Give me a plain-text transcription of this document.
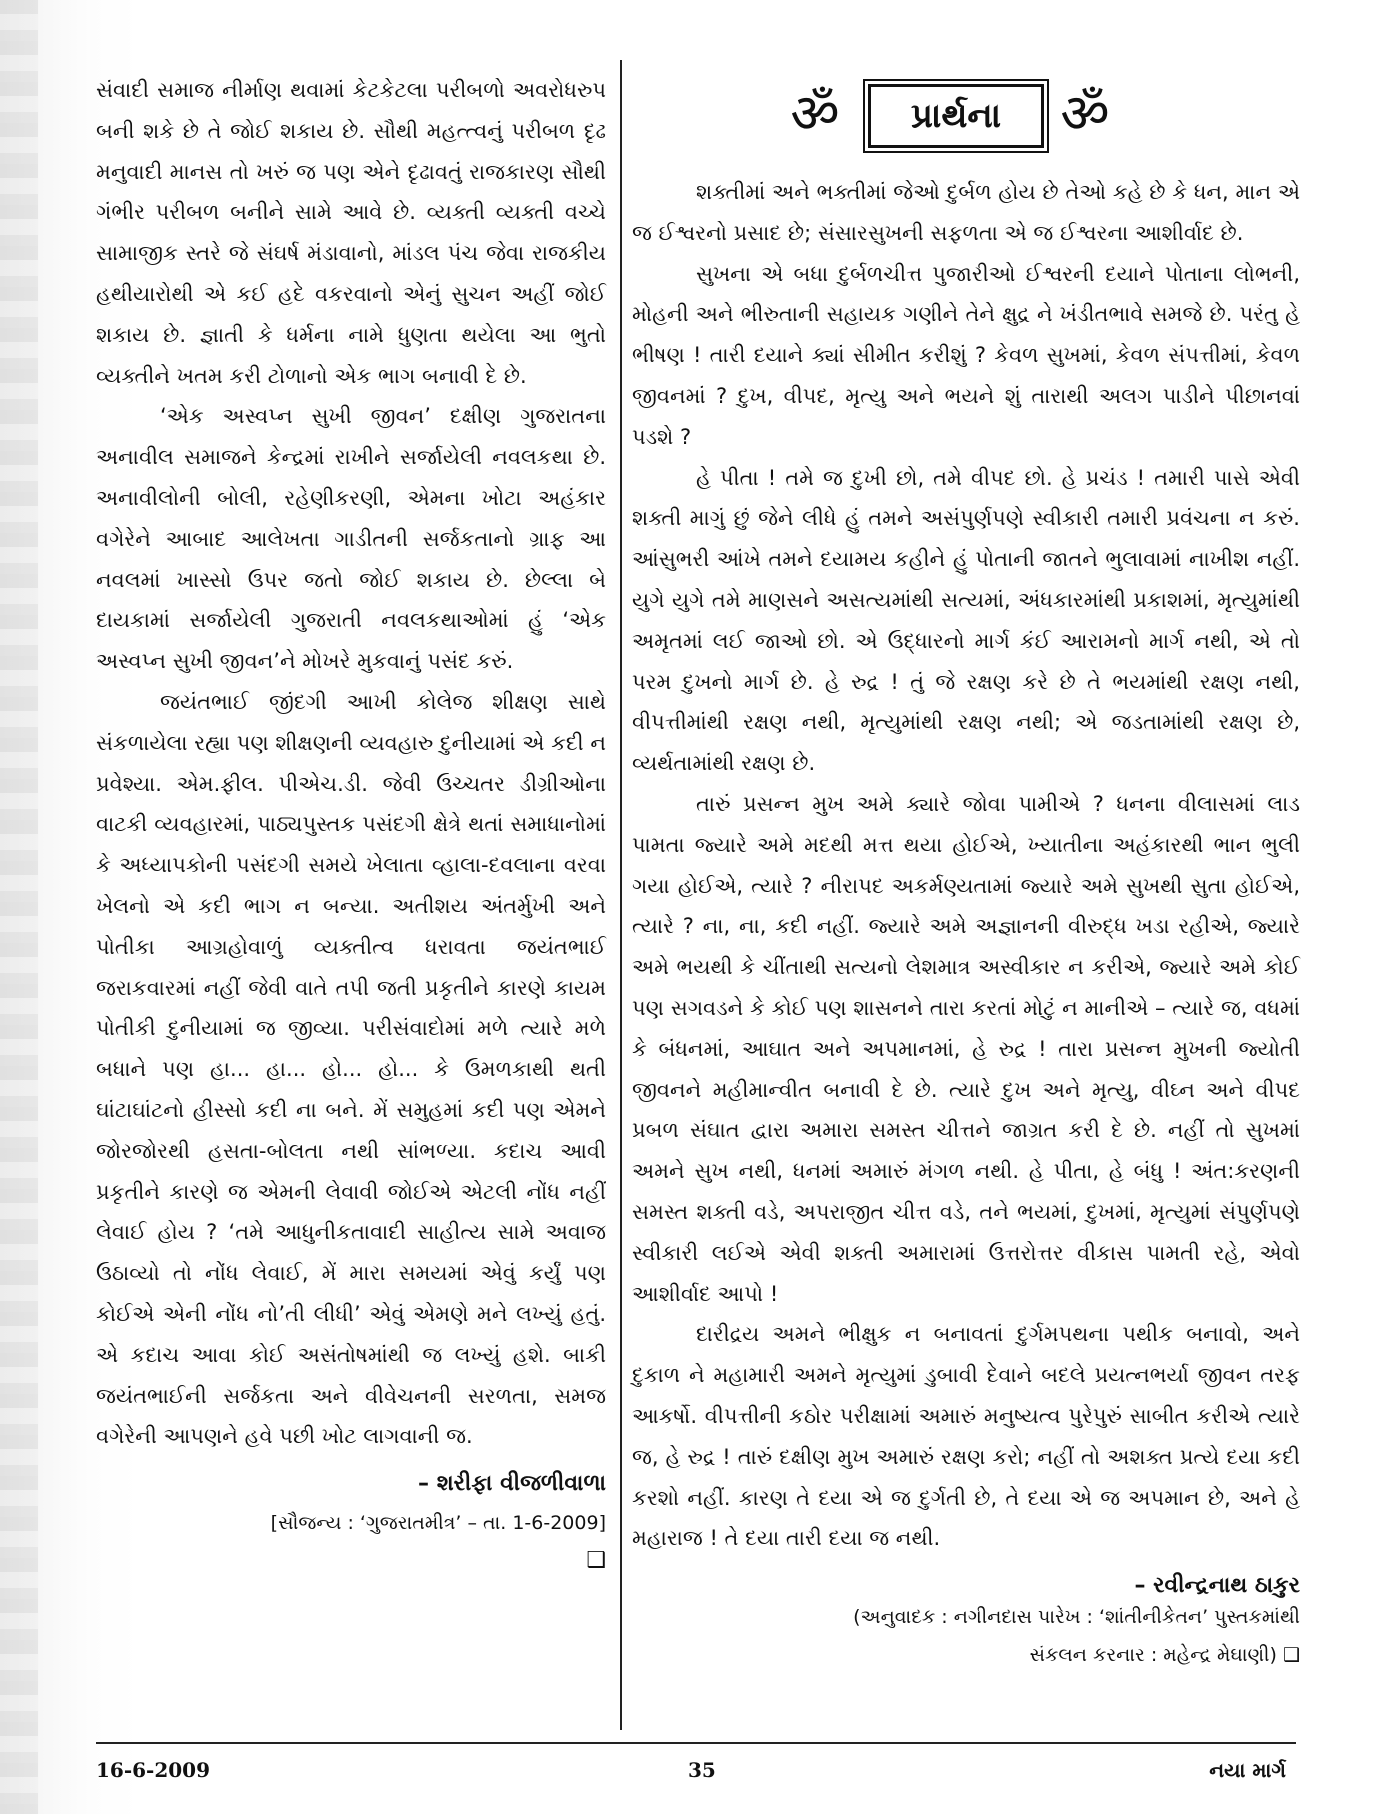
સંવાદી સમાજ નીર્માણ થવામાં કેટકેટલા પરીબળો અવરોધરુપ બની શકે છે તે જોઈ શકાય છે. સૌથી મહત્ત્વનું પરીબળ દૃઢ મનુવાદી માનસ તો ખરું જ પણ એને દૃઢાવતું રાજકારણ સૌથી ગંભીર પરીબળ બનીને સામે આવે છે. વ્યક્તી વ્યક્તી વચ્ચે સામાજીક સ્તરે જે સંઘર્ષ મંડાવાનો, માંડલ પંચ જેવા રાજકીય હથીયારોથી એ કઈ હદે વકરવાનો એનું સુચન અહીં જોઈ શકાય છે. જ્ઞાતી કે ધર્મના નામે ધુણતા થયેલા આ ભુતો વ્યક્તીને ખતમ કરી ટોળાનો એક ભાગ બનાવી દે છે.

‘એક અસ્વપ્ન સુખી જીવન’ દક્ષીણ ગુજરાતના અનાવીલ સમાજને કેન્દ્રમાં રાખીને સર્જાયેલી નવલકથા છે. અનાવીલોની બોલી, રહેણીકરણી, એમના ખોટા અહંકાર વગેરેને આબાદ આલેખતા ગાડીતની સર્જકતાનો ગ્રાફ આ નવલમાં ખાસ્સો ઉપર જતો જોઈ શકાય છે. છેલ્લા બે દાયકામાં સર્જાયેલી ગુજરાતી નવલકથાઓમાં હું ‘એક અસ્વપ્ન સુખી જીવન’ને મોખરે મુકવાનું પસંદ કરું.

જયંતભાઈ જીંદગી આખી કોલેજ શીક્ષણ સાથે સંકળાયેલા રહ્યા પણ શીક્ષણની વ્યવહારુ દુનીયામાં એ કદી ન પ્રવેશ્યા. એમ.ફીલ. પીએચ.ડી. જેવી ઉચ્ચતર ડીગ્રીઓના વાટકી વ્યવહારમાં, પાઠ્યપુસ્તક પસંદગી ક્ષેત્રે થતાં સમાધાનોમાં કે અધ્યાપકોની પસંદગી સમયે ખેલાતા વ્હાલા-દવલાના વરવા ખેલનો એ કદી ભાગ ન બન્યા. અતીશય અંતર્મુખી અને પોતીકા આગ્રહોવાળું વ્યક્તીત્વ ધરાવતા જયંતભાઈ જરાકવારમાં નહીં જેવી વાતે તપી જતી પ્રકૃતીને કારણે કાયમ પોતીકી દુનીયામાં જ જીવ્યા. પરીસંવાદોમાં મળે ત્યારે મળે બધાને પણ હા... હા... હો... હો... કે ઉમળકાથી થતી ઘાંટાઘાંટનો હીસ્સો કદી ના બને. મેં સમુહમાં કદી પણ એમને જોરજોરથી હસતા-બોલતા નથી સાંભળ્યા. કદાચ આવી પ્રકૃતીને કારણે જ એમની લેવાવી જોઈએ એટલી નોંધ નહીં લેવાઈ હોય ? ‘તમે આધુનીકતાવાદી સાહીત્ય સામે અવાજ ઉઠાવ્યો તો નોંધ લેવાઈ, મેં મારા સમયમાં એવું કર્યું પણ કોઈએ એની નોંધ નો’તી લીધી’ એવું એમણે મને લખ્યું હતું. એ કદાચ આવા કોઈ અસંતોષમાંથી જ લખ્યું હશે. બાકી જયંતભાઈની સર્જકતા અને વીવેચનની સરળતા, સમજ વગેરેની આપણને હવે પછી ખોટ લાગવાની જ.

– શરીફા વીજળીવાળા
[સૌજન્ય : ‘ગુજરાતમીત્ર’ – તા. 1-6-2009]
❑
ॐ	પ્રાર્થના	ॐ

શક્તીમાં અને ભક્તીમાં જેઓ દુર્બળ હોય છે તેઓ કહે છે કે ધન, માન એ જ ઈશ્વરનો પ્રસાદ છે; સંસારસુખની સફળતા એ જ ઈશ્વરના આશીર્વાદ છે.

સુખના એ બધા દુર્બળચીત્ત પુજારીઓ ઈશ્વરની દયાને પોતાના લોભની, મોહની અને ભીરુતાની સહાયક ગણીને તેને ક્ષુદ્ર ને ખંડીતભાવે સમજે છે. પરંતુ હે ભીષણ ! તારી દયાને ક્યાં સીમીત કરીશું ? કેવળ સુખમાં, કેવળ સંપત્તીમાં, કેવળ જીવનમાં ? દુખ, વીપદ, મૃત્યુ અને ભયને શું તારાથી અલગ પાડીને પીછાનવાં પડશે ?

હે પીતા ! તમે જ દુખી છો, તમે વીપદ છો. હે પ્રચંડ ! તમારી પાસે એવી શક્તી માગું છું જેને લીધે હું તમને અસંપુર્ણપણે સ્વીકારી તમારી પ્રવંચના ન કરું. આંસુભરી આંખે તમને દયામય કહીને હું પોતાની જાતને ભુલાવામાં નાખીશ નહીં. યુગે યુગે તમે માણસને અસત્યમાંથી સત્યમાં, અંધકારમાંથી પ્રકાશમાં, મૃત્યુમાંથી અમૃતમાં લઈ જાઓ છો. એ ઉદ્ધારનો માર્ગ કંઈ આરામનો માર્ગ નથી, એ તો પરમ દુખનો માર્ગ છે. હે રુદ્ર ! તું જે રક્ષણ કરે છે તે ભયમાંથી રક્ષણ નથી, વીપત્તીમાંથી રક્ષણ નથી, મૃત્યુમાંથી રક્ષણ નથી; એ જડતામાંથી રક્ષણ છે, વ્યર્થતામાંથી રક્ષણ છે.

તારું પ્રસન્ન મુખ અમે ક્યારે જોવા પામીએ ? ધનના વીલાસમાં લાડ પામતા જ્યારે અમે મદથી મત્ત થયા હોઈએ, ખ્યાતીના અહંકારથી ભાન ભુલી ગયા હોઈએ, ત્યારે ? નીરાપદ અકર્મણ્યતામાં જ્યારે અમે સુખથી સુતા હોઈએ, ત્યારે ? ના, ના, કદી નહીં. જ્યારે અમે અજ્ઞાનની વીરુદ્ધ ખડા રહીએ, જ્યારે અમે ભયથી કે ચીંતાથી સત્યનો લેશમાત્ર અસ્વીકાર ન કરીએ, જ્યારે અમે કોઈ પણ સગવડને કે કોઈ પણ શાસનને તારા કરતાં મોટું ન માનીએ – ત્યારે જ, વધમાં કે બંધનમાં, આઘાત અને અપમાનમાં, હે રુદ્ર ! તારા પ્રસન્ન મુખની જ્યોતી જીવનને મહીમાન્વીત બનાવી દે છે. ત્યારે દુખ અને મૃત્યુ, વીઘ્ન અને વીપદ પ્રબળ સંઘાત દ્વારા અમારા સમસ્ત ચીત્તને જાગ્રત કરી દે છે. નહીં તો સુખમાં અમને સુખ નથી, ધનમાં અમારું મંગળ નથી. હે પીતા, હે બંધુ ! અંત:કરણની સમસ્ત શક્તી વડે, અપરાજીત ચીત્ત વડે, તને ભયમાં, દુખમાં, મૃત્યુમાં સંપુર્ણપણે સ્વીકારી લઈએ એવી શક્તી અમારામાં ઉત્તરોત્તર વીકાસ પામતી રહે, એવો આશીર્વાદ આપો !

દારીદ્રય અમને ભીક્ષુક ન બનાવતાં દુર્ગમપથના પથીક બનાવો, અને દુકાળ ને મહામારી અમને મૃત્યુમાં ડુબાવી દેવાને બદલે પ્રયત્નભર્યા જીવન તરફ આકર્ષો. વીપત્તીની કઠોર પરીક્ષામાં અમારું મનુષ્યત્વ પુરેપુરું સાબીત કરીએ ત્યારે જ, હે રુદ્ર ! તારું દક્ષીણ મુખ અમારું રક્ષણ કરો; નહીં તો અશક્ત પ્રત્યે દયા કદી કરશો નહીં. કારણ તે દયા એ જ દુર્ગતી છે, તે દયા એ જ અપમાન છે, અને હે મહારાજ ! તે દયા તારી દયા જ નથી.

– રવીન્દ્રનાથ ઠાકુર
(અનુવાદક : નગીનદાસ પારેખ : ‘શાંતીનીકેતન’ પુસ્તકમાંથી
સંકલન કરનાર : મહેન્દ્ર મેઘાણી) ❑
16-6-2009	35	નયા માર્ગ
